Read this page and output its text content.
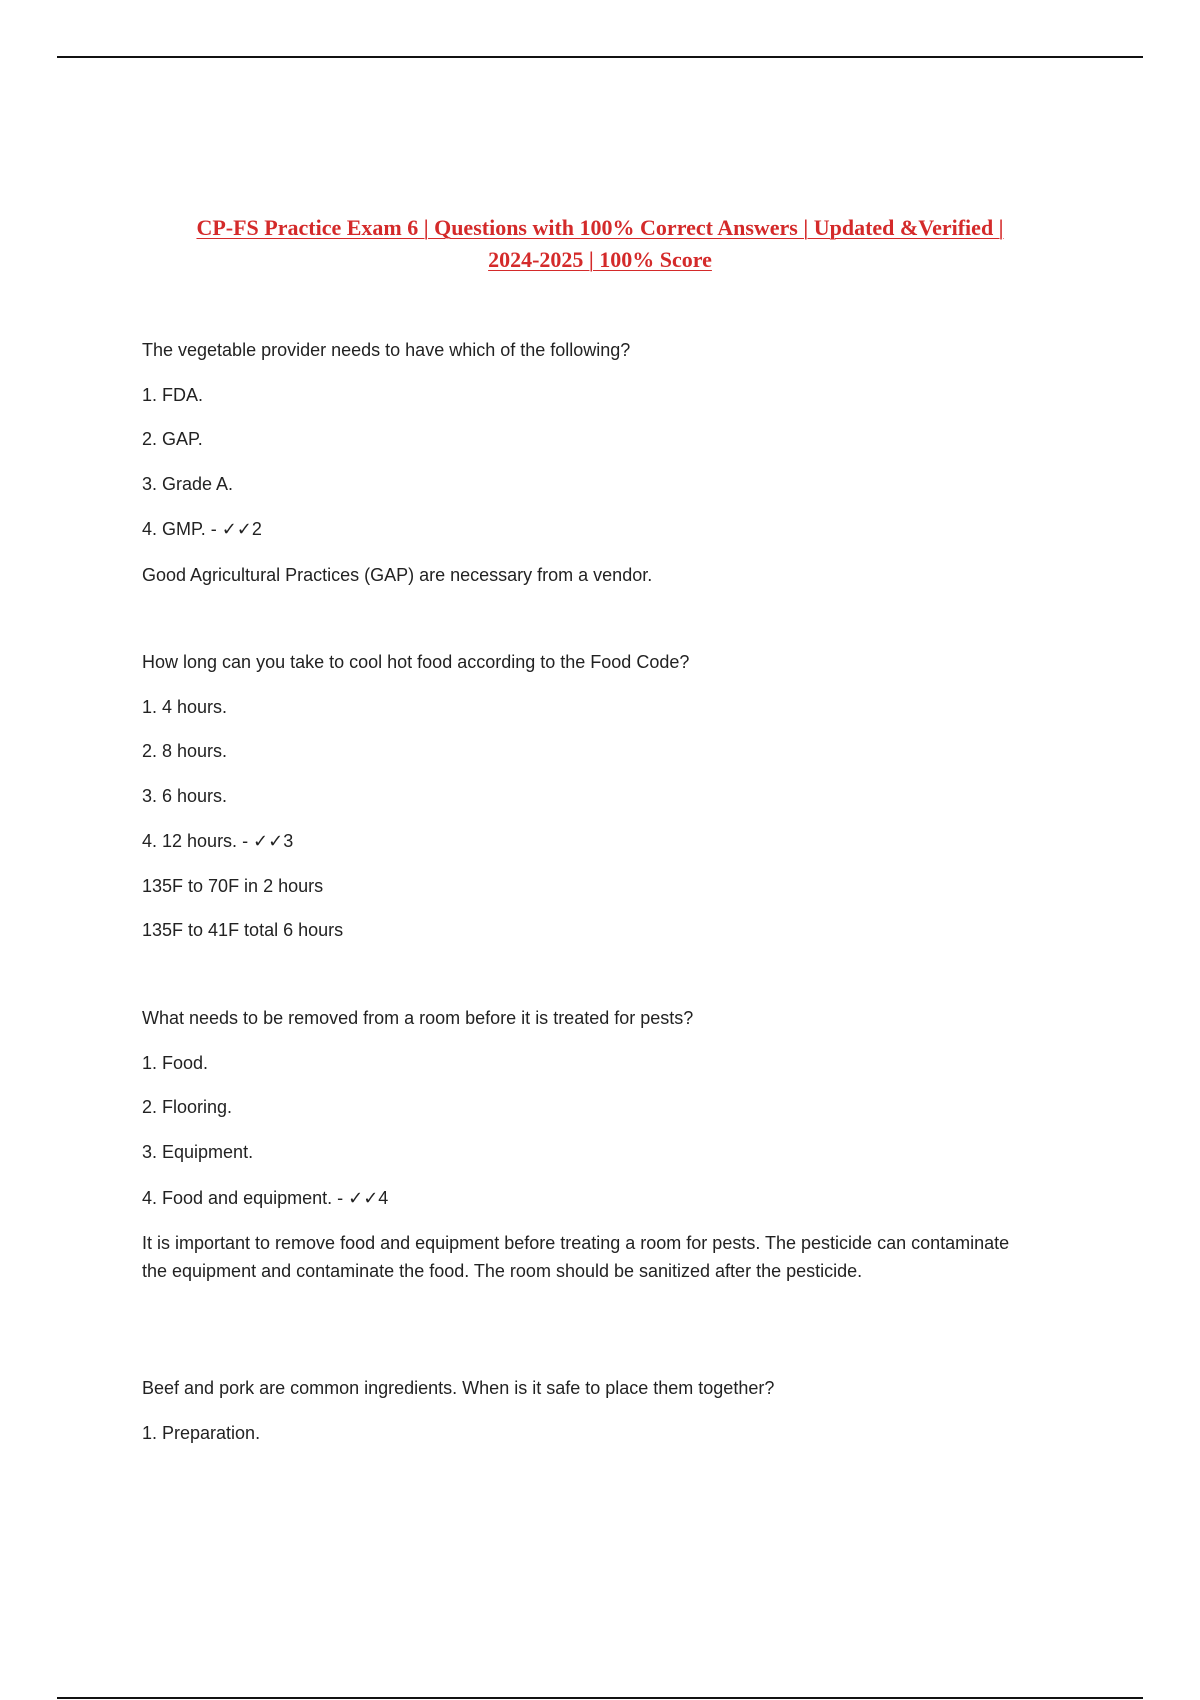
CP-FS Practice Exam 6 | Questions with 100% Correct Answers | Updated &Verified |
2024-2025 | 100% Score
The vegetable provider needs to have which of the following?
1. FDA.
2. GAP.
3. Grade A.
4. GMP. - ✓✓2
Good Agricultural Practices (GAP) are necessary from a vendor.
How long can you take to cool hot food according to the Food Code?
1. 4 hours.
2. 8 hours.
3. 6 hours.
4. 12 hours. - ✓✓3
135F to 70F in 2 hours
135F to 41F total 6 hours
What needs to be removed from a room before it is treated for pests?
1. Food.
2. Flooring.
3. Equipment.
4. Food and equipment. - ✓✓4
It is important to remove food and equipment before treating a room for pests. The pesticide can contaminate the equipment and contaminate the food. The room should be sanitized after the pesticide.
Beef and pork are common ingredients. When is it safe to place them together?
1. Preparation.
